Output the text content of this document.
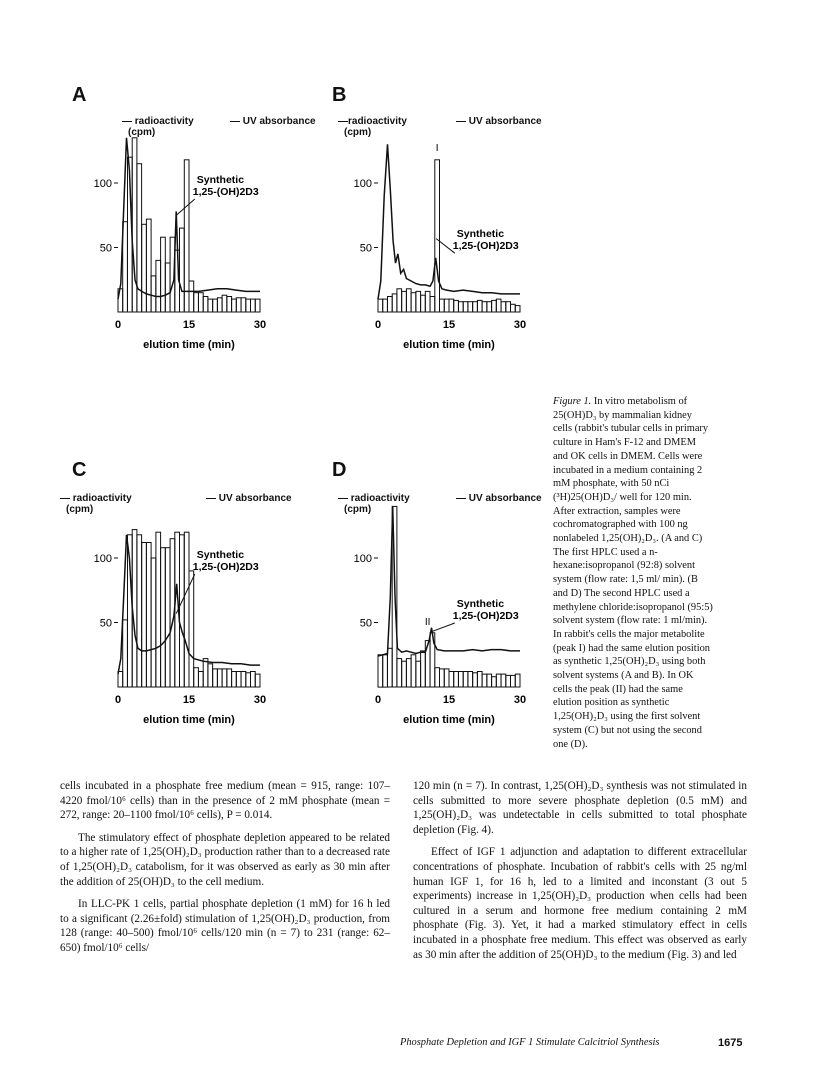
A
— radioactivity
(cpm)
— UV absorbance
100
50
0	15	30
elution time (min)
Synthetic
1,25-(OH)2D3
B
—radioactivity
(cpm)
— UV absorbance
100
50
0	15	30
elution time (min)
Synthetic
1,25-(OH)2D3
I
C
— radioactivity
(cpm)
— UV absorbance
100
50
0	15	30
elution time (min)
Synthetic
1,25-(OH)2D3
D
— radioactivity
(cpm)
— UV absorbance
100
50
0	15	30
elution time (min)
Synthetic
1,25-(OH)2D3
II
Figure 1. In vitro metabolism of 25(OH)D₃ by mammalian kidney cells (rabbit's tubular cells in primary culture in Ham's F-12 and DMEM and OK cells in DMEM. Cells were incubated in a medium containing 2 mM phosphate, with 50 nCi (³H)25(OH)D₃/ well for 120 min. After extraction, samples were cochromatographed with 100 ng nonlabeled 1,25(OH)₂D₃. (A and C) The first HPLC used a n-hexane:isopropanol (92:8) solvent system (flow rate: 1,5 ml/ min). (B and D) The second HPLC used a methylene chloride:isopropanol (95:5) solvent system (flow rate: 1 ml/min). In rabbit's cells the major metabolite (peak I) had the same elution position as synthetic 1,25(OH)₂D₃ using both solvent systems (A and B). In OK cells the peak (II) had the same elution position as synthetic 1,25(OH)₂D₃ using the first solvent system (C) but not using the second one (D).

cells incubated in a phosphate free medium (mean = 915, range: 107–4220 fmol/10⁶ cells) than in the presence of 2 mM phosphate (mean = 272, range: 20–1100 fmol/10⁶ cells), P = 0.014.

The stimulatory effect of phosphate depletion appeared to be related to a higher rate of 1,25(OH)₂D₃ production rather than to a decreased rate of 1,25(OH)₂D₃ catabolism, for it was observed as early as 30 min after the addition of 25(OH)D₃ to the cell medium.

In LLC-PK 1 cells, partial phosphate depletion (1 mM) for 16 h led to a significant (2.26±fold) stimulation of 1,25(OH)₂D₃ production, from 128 (range: 40–500) fmol/10⁶ cells/120 min (n = 7) to 231 (range: 62–650) fmol/10⁶ cells/

120 min (n = 7). In contrast, 1,25(OH)₂D₃ synthesis was not stimulated in cells submitted to more severe phosphate depletion (0.5 mM) and 1,25(OH)₂D₃ was undetectable in cells submitted to total phosphate depletion (Fig. 4).

Effect of IGF 1 adjunction and adaptation to different extracellular concentrations of phosphate. Incubation of rabbit's cells with 25 ng/ml human IGF 1, for 16 h, led to a limited and inconstant (3 out 5 experiments) increase in 1,25(OH)₂D₃ production when cells had been cultured in a serum and hormone free medium containing 2 mM phosphate (Fig. 3). Yet, it had a marked stimulatory effect in cells incubated in a phosphate free medium. This effect was observed as early as 30 min after the addition of 25(OH)D₃ to the medium (Fig. 3) and led

Phosphate Depletion and IGF 1 Stimulate Calcitriol Synthesis	1675
